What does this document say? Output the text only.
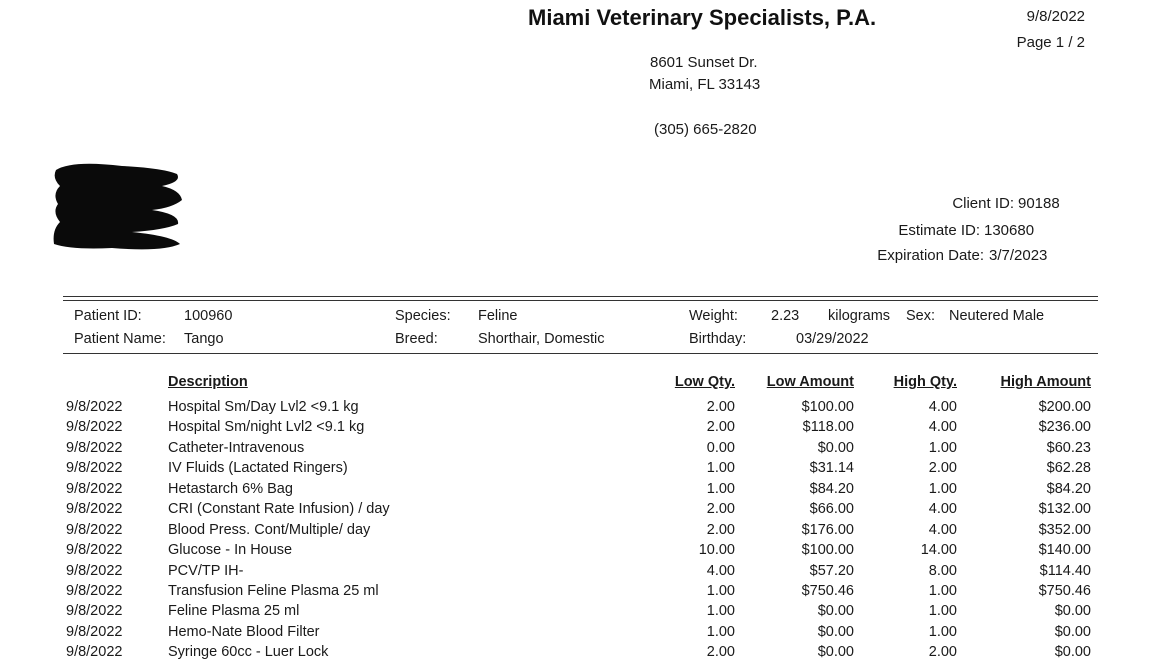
Miami Veterinary Specialists, P.A.	9/8/2022
Page 1 / 2
8601 Sunset Dr.
Miami, FL 33143
(305) 665-2820
Client ID: 90188
Estimate ID: 130680
Expiration Date: 3/7/2023
Patient ID:	100960
Patient Name: Tango
Species: Feline
Breed:	Shorthair, Domestic
Weight: 2.23 kilograms Sex: Neutered Male
Birthday:	03/29/2022
Description	Low Qty. Low Amount	High Qty.	High Amount
9/8/2022	Hospital Sm/Day Lvl2 <9.1 kg	2.00	$100.00	4.00	$200.00
9/8/2022	Hospital Sm/night Lvl2 <9.1 kg	2.00	$118.00	4.00	$236.00
9/8/2022	Catheter-Intravenous	0.00	$0.00	1.00	$60.23
9/8/2022	IV Fluids (Lactated Ringers)	1.00	$31.14	2.00	$62.28
9/8/2022	Hetastarch 6% Bag	1.00	$84.20	1.00	$84.20
9/8/2022	CRI (Constant Rate Infusion) / day	2.00	$66.00	4.00	$132.00
9/8/2022	Blood Press. Cont/Multiple/ day	2.00	$176.00	4.00	$352.00
9/8/2022	Glucose - In House	10.00	$100.00	14.00	$140.00
9/8/2022	PCV/TP IH-	4.00	$57.20	8.00	$114.40
9/8/2022	Transfusion Feline Plasma 25 ml	1.00	$750.46	1.00	$750.46
9/8/2022	Feline Plasma 25 ml	1.00	$0.00	1.00	$0.00
9/8/2022	Hemo-Nate Blood Filter	1.00	$0.00	1.00	$0.00
9/8/2022	Syringe 60cc - Luer Lock	2.00	$0.00	2.00	$0.00
